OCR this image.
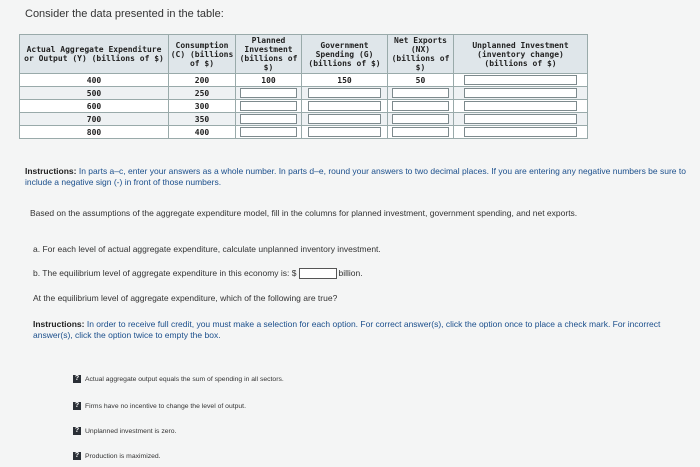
Consider the data presented in the table:
Actual Aggregate Expenditure or Output (Y) (billions of $)	Consumption (C) (billions of $)	Planned Investment (billions of $)	Government Spending (G) (billions of $)	Net Exports (NX) (billions of $)	Unplanned Investment (inventory change) (billions of $)
400	200	100	150	50	
500	250				
600	300				
700	350				
800	400				
Instructions: In parts a–c, enter your answers as a whole number. In parts d–e, round your answers to two decimal places. If you are entering any negative numbers be sure to include a negative sign (-) in front of those numbers.
Based on the assumptions of the aggregate expenditure model, fill in the columns for planned investment, government spending, and net exports.
a. For each level of actual aggregate expenditure, calculate unplanned inventory investment.
b. The equilibrium level of aggregate expenditure in this economy is: $	billion.
At the equilibrium level of aggregate expenditure, which of the following are true?
Instructions: In order to receive full credit, you must make a selection for each option. For correct answer(s), click the option once to place a check mark. For incorrect answer(s), click the option twice to empty the box.
? Actual aggregate output equals the sum of spending in all sectors.
? Firms have no incentive to change the level of output.
? Unplanned investment is zero.
? Production is maximized.
